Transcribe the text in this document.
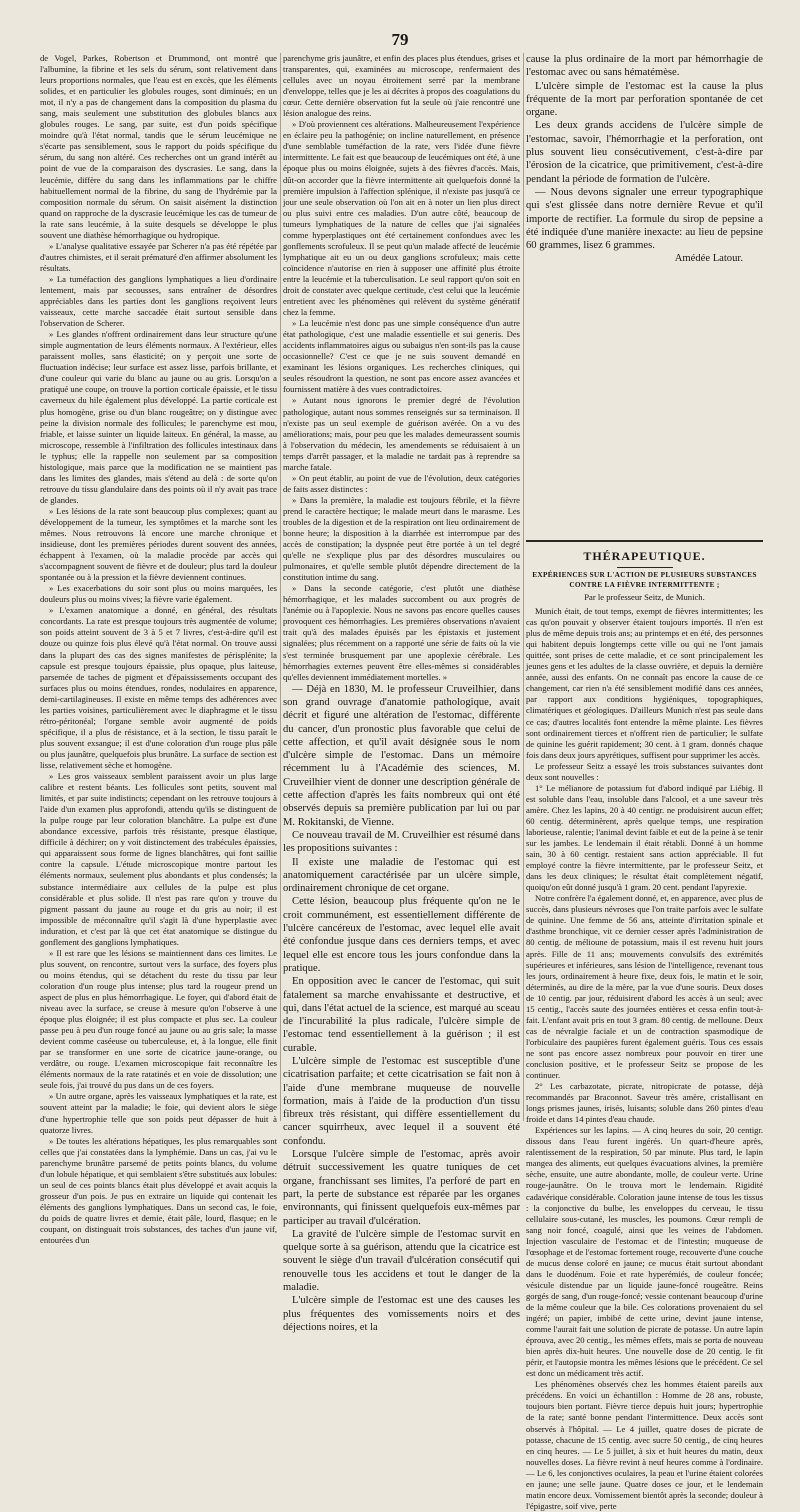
79

de Vogel, Parkes, Robertson et Drummond, ont montré que l'albumine, la fibrine et les sels du sérum, sont relativement dans leurs proportions normales, que l'eau est en excès, que les éléments solides, et en particulier les globules rouges, sont diminués; en un mot, il n'y a pas de changement dans la composition du plasma du sang, mais seulement une substitution des globules blancs aux globules rouges. Le sang, par suite, est d'un poids spécifique moindre qu'à l'état normal, tandis que le sérum leucémique ne s'écarte pas sensiblement, sous le rapport du poids spécifique du sérum, du sang non altéré. Ces recherches ont un grand intérêt au point de vue de la comparaison des dyscrasies. Le sang, dans la leucémie, diffère du sang dans les inflammations par le chiffre habituellement normal de la fibrine, du sang de l'hydrémie par la composition normale du sérum. On saisit aisément la distinction quand on rapproche de la dyscrasie leucémique les cas de tumeur de la rate sans leucémie, à la suite desquels se développe le plus souvent une diathèse hémorrhagique ou hydropique.

» L'analyse qualitative essayée par Scherer n'a pas été répétée par d'autres chimistes, et il serait prématuré d'en affirmer absolument les résultats.

» La tuméfaction des ganglions lymphatiques a lieu d'ordinaire lentement, mais par secousses, sans entraîner de désordres appréciables dans les parties dont les ganglions reçoivent leurs vaisseaux, cette marche saccadée était surtout sensible dans l'observation de Scherer.

» Les glandes n'offrent ordinairement dans leur structure qu'une simple augmentation de leurs éléments normaux. A l'extérieur, elles paraissent molles, sans élasticité; on y perçoit une sorte de fluctuation indécise; leur surface est assez lisse, parfois brillante, et d'une couleur qui varie du blanc au jaune ou au gris. Lorsqu'on a pratiqué une coupe, on trouve la portion corticale épaissie, et le tissu caverneux du hile également plus développé. La partie corticale est plus homogène, grise ou d'un blanc rougeâtre; on y distingue avec peine la division normale des follicules; le parenchyme est mou, friable, et laisse suinter un liquide laiteux. En général, la masse, au microscope, ressemble à l'infiltration des follicules intestinaux dans le typhus; elle la rappelle non seulement par sa composition histologique, mais parce que la modification ne se maintient pas dans les limites des glandes, mais s'étend au delà : de sorte qu'on retrouve du tissu glandulaire dans des points où il n'y avait pas trace de glandes.

» Les lésions de la rate sont beaucoup plus complexes; quant au développement de la tumeur, les symptômes et la marche sont les mêmes. Nous retrouvons là encore une marche chronique et insidieuse, dont les premières périodes durent souvent des années, échappent à l'examen, où la maladie procède par accès qui s'accompagnent souvent de fièvre et de douleur; plus tard la douleur spontanée ou à la pression et la fièvre deviennent continues.

» Les exacerbations du soir sont plus ou moins marquées, les douleurs plus ou moins vives; la fièvre varie également.

» L'examen anatomique a donné, en général, des résultats concordants. La rate est presque toujours très augmentée de volume; son poids atteint souvent de 3 à 5 et 7 livres, c'est-à-dire qu'il est douze ou quinze fois plus élevé qu'à l'état normal. On trouve aussi dans la plupart des cas des signes manifestes de périsplénite; la capsule est presque toujours épaissie, plus opaque, plus laiteuse, parsemée de taches de pigment et d'épaississements occupant des surfaces plus ou moins étendues, rondes, nodulaires en apparence, demi-cartilagineuses. Il existe en même temps des adhérences avec les parties voisines, particulièrement avec le diaphragme et le tissu rétro-péritonéal; l'organe semble avoir augmenté de poids spécifique, il a plus de résistance, et à la section, le tissu paraît le plus souvent exsangue; il est d'une coloration d'un rouge plus pâle ou plus jaunâtre, quelquefois plus brunâtre. La surface de section est lisse, relativement sèche et homogène.

» Les gros vaisseaux semblent paraissent avoir un plus large calibre et restent béants. Les follicules sont petits, souvent mal limités, et par suite indistincts; cependant on les retrouve toujours à l'aide d'un examen plus approfondi, attendu qu'ils se distinguent de la pulpe rouge par leur coloration blanchâtre. La pulpe est d'une abondance excessive, parfois très résistante, presque élastique, difficile à déchirer; on y voit distinctement des trabécules épaissies, qui apparaissent sous forme de lignes blanchâtres, qui font saillie contre la capsule. L'étude microscopique montre partout les éléments normaux, seulement plus abondants et plus condensés; la substance intermédiaire aux cellules de la pulpe est plus considérable et plus solide. Il n'est pas rare qu'on y trouve du pigment passant du jaune au rouge et du gris au noir; il est impossible de méconnaître qu'il s'agit là d'une hyperplastie avec induration, et c'est par là que cet état anatomique se distingue du gonflement des ganglions lymphatiques.

» Il est rare que les lésions se maintiennent dans ces limites. Le plus souvent, on rencontre, surtout vers la surface, des foyers plus ou moins étendus, qui se détachent du reste du tissu par leur coloration d'un rouge plus intense; plus tard la rougeur prend un aspect de plus en plus hémorrhagique. Le foyer, qui d'abord était de niveau avec la surface, se creuse à mesure qu'on l'observe à une époque plus éloignée; il est plus compacte et plus sec. La couleur passe peu à peu d'un rouge foncé au jaune ou au gris sale; la masse devient comme caséeuse ou tuberculeuse, et, à la longue, elle finit par se transformer en une sorte de cicatrice jaune-orange, ou verdâtre, ou rouge. L'examen microscopique fait reconnaître les éléments normaux de la rate ratatinés et en voie de dissolution; une seule fois, j'ai trouvé du pus dans un de ces foyers.

» Un autre organe, après les vaisseaux lymphatiques et la rate, est souvent atteint par la maladie; le foie, qui devient alors le siège d'une hypertrophie telle que son poids peut dépasser de huit à quatorze livres.

» De toutes les altérations hépatiques, les plus remarquables sont celles que j'ai constatées dans la lymphémie. Dans un cas, j'ai vu le parenchyme brunâtre parsemé de petits points blancs, du volume d'un lobule hépatique, et qui semblaient s'être substitués aux lobules: un seul de ces points blancs était plus développé et avait acquis la grosseur d'un pois. Je pus en extraire un liquide qui contenait les éléments des ganglions lymphatiques. Dans un second cas, le foie, du poids de quatre livres et demie, était pâle, lourd, flasque; en le coupant, on distinguait trois substances, des taches d'un jaune vif, entourées d'un

parenchyme gris jaunâtre, et enfin des places plus étendues, grises et transparentes, qui, examinées au microscope, renfermaient des cellules avec un noyau étroitement serré par la membrane d'enveloppe, telles que je les ai décrites à propos des coagulations du cœur. Cette dernière observation fut la seule où j'aie rencontré une lésion analogue des reins.

» D'où proviennent ces altérations. Malheureusement l'expérience en éclaire peu la pathogénie; on incline naturellement, en présence d'une semblable tuméfaction de la rate, vers l'idée d'une fièvre intermittente. Le fait est que beaucoup de leucémiques ont été, à une époque plus ou moins éloignée, sujets à des fièvres d'accès. Mais, dût-on accorder que la fièvre intermittente ait quelquefois donné la première impulsion à l'affection splénique, il n'existe pas jusqu'à ce jour une seule observation où l'on ait en à noter un lien plus direct ou plus suivi entre ces maladies. D'un autre côté, beaucoup de tumeurs lymphatiques de la nature de celles que j'ai signalées comme hyperplastiques ont été certainement confondues avec les gonflements scrofuleux. Il se peut qu'un malade affecté de leucémie lymphatique ait eu un ou deux ganglions scrofuleux; mais cette coïncidence n'autorise en rien à supposer une affinité plus étroite entre la leucémie et la tuberculisation. Le seul rapport qu'on soit en droit de constater avec quelque certitude, c'est celui que la leucémie entretient avec les phénomènes qui relèvent du système génératif chez la femme.

» La leucémie n'est donc pas une simple conséquence d'un autre état pathologique, c'est une maladie essentielle et sui generis. Des accidents inflammatoires aigus ou subaigus n'en sont-ils pas la cause occasionnelle? C'est ce que je ne suis souvent demandé en examinant les lésions organiques. Les recherches cliniques, qui seules résoudront la question, ne sont pas encore assez avancées et fournissent matière à des vues contradictoires.

» Autant nous ignorons le premier degré de l'évolution pathologique, autant nous sommes renseignés sur sa terminaison. Il n'existe pas un seul exemple de guérison avérée. On a vu des améliorations; mais, pour peu que les malades demeurassent soumis à l'observation du médecin, les amendements se réduisaient à un temps d'arrêt passager, et la maladie ne tardait pas à reprendre sa marche fatale.

» On peut établir, au point de vue de l'évolution, deux catégories de faits assez distinctes :

» Dans la première, la maladie est toujours fébrile, et la fièvre prend le caractère hectique; le malade meurt dans le marasme. Les troubles de la digestion et de la respiration ont lieu ordinairement de bonne heure; la disposition à la diarrhée est interrompue par des accès de constipation; la dyspnée peut être portée à un tel degré qu'elle ne s'explique plus par des désordres musculaires ou pulmonaires, et qu'elle semble plutôt dépendre directement de la constitution intime du sang.

» Dans la seconde catégorie, c'est plutôt une diathèse hémorrhagique, et les malades succombent ou aux progrès de l'anémie ou à l'apoplexie. Nous ne savons pas encore quelles causes provoquent ces hémorrhagies. Les premières observations n'avaient trait qu'à des malades épuisés par les épistaxis et justement signalées; plus récemment on a rapporté une série de faits où la vie s'est terminée brusquement par une apoplexie cérébrale. Les hémorrhagies externes peuvent être elles-mêmes si considérables qu'elles deviennent immédiatement mortelles. »

— Déjà en 1830, M. le professeur Cruveilhier, dans son grand ouvrage d'anatomie pathologique, avait décrit et figuré une altération de l'estomac, différente du cancer, d'un pronostic plus favorable que celui de cette affection, et qu'il avait désignée sous le nom d'ulcère simple de l'estomac. Dans un mémoire récemment lu à l'Académie des sciences, M. Cruveilhier vient de donner une description générale de cette affection d'après les faits nombreux qui ont été observés depuis sa première publication par lui ou par M. Rokitanski, de Vienne.

Ce nouveau travail de M. Cruveilhier est résumé dans les propositions suivantes :

Il existe une maladie de l'estomac qui est anatomiquement caractérisée par un ulcère simple, ordinairement chronique de cet organe.

Cette lésion, beaucoup plus fréquente qu'on ne le croit communément, est essentiellement différente de l'ulcère cancéreux de l'estomac, avec lequel elle avait été confondue jusque dans ces derniers temps, et avec lequel elle est encore tous les jours confondue dans la pratique.

En opposition avec le cancer de l'estomac, qui suit fatalement sa marche envahissante et destructive, et qui, dans l'état actuel de la science, est marqué au sceau de l'incurabilité la plus radicale, l'ulcère simple de l'estomac tend essentiellement à la guérison ; il est curable.

L'ulcère simple de l'estomac est susceptible d'une cicatrisation parfaite; et cette cicatrisation se fait non à l'aide d'une membrane muqueuse de nouvelle formation, mais à l'aide de la production d'un tissu fibreux très résistant, qui diffère essentiellement du cancer squirrheux, avec lequel il a souvent été confondu.

Lorsque l'ulcère simple de l'estomac, après avoir détruit successivement les quatre tuniques de cet organe, franchissant ses limites, l'a perforé de part en part, la perte de substance est réparée par les organes environnants, qui finissent quelquefois eux-mêmes par participer au travail d'ulcération.

La gravité de l'ulcère simple de l'estomac survit en quelque sorte à sa guérison, attendu que la cicatrice est souvent le siège d'un travail d'ulcération consécutif qui renouvelle tous les accidens et tout le danger de la maladie.

L'ulcère simple de l'estomac est une des causes les plus fréquentes des vomissements noirs et des déjections noires, et la

cause la plus ordinaire de la mort par hémorrhagie de l'estomac avec ou sans hématémèse.

L'ulcère simple de l'estomac est la cause la plus fréquente de la mort par perforation spontanée de cet organe.

Les deux grands accidens de l'ulcère simple de l'estomac, savoir, l'hémorrhagie et la perforation, ont plus souvent lieu consécutivement, c'est-à-dire par l'érosion de la cicatrice, que primitivement, c'est-à-dire pendant la période de formation de l'ulcère.

— Nous devons signaler une erreur typographique qui s'est glissée dans notre dernière Revue et qu'il importe de rectifier. La formule du sirop de pepsine a été indiquée d'une manière inexacte: au lieu de pepsine 60 grammes, lisez 6 grammes.

Amédée Latour.

THÉRAPEUTIQUE.

EXPÉRIENCES SUR L'ACTION DE PLUSIEURS SUBSTANCES CONTRE LA FIÈVRE INTERMITTENTE ;

Par le professeur Seitz, de Munich.

Munich était, de tout temps, exempt de fièvres intermittentes; les cas qu'on pouvait y observer étaient toujours importés. Il n'en est plus de même depuis trois ans; au printemps et en été, des personnes qui habitent depuis longtemps cette ville ou qui ne l'ont jamais quittée, sont prises de cette maladie, et ce sont principalement les jeunes gens et les adultes de la classe ouvrière, et depuis la dernière année, aussi des enfants. On ne connaît pas encore la cause de ce changement, car rien n'a été sensiblement modifié dans ces années, par rapport aux conditions hygiéniques, topographiques, climatériques et géologiques. D'ailleurs Munich n'est pas seule dans ce cas; d'autres localités font entendre la même plainte. Les fièvres sont ordinairement tierces et n'offrent rien de particulier; le sulfate de quinine les guérit rapidement; 30 cent. à 1 gram. donnés chaque fois dans deux jours apyrétiques, suffisent pour supprimer les accès.

Le professeur Seitz a essayé les trois substances suivantes dont deux sont nouvelles :

1° Le mélianore de potassium fut d'abord indiqué par Liébig. Il est soluble dans l'eau, insoluble dans l'alcool, et a une saveur très amère. Chez les lapins, 20 à 40 centigr. ne produisirent aucun effet; 60 centig. déterminèrent, après quelque temps, une respiration laborieuse, ralentie; l'animal devint faible et eut de la peine à se tenir sur les jambes. Le lendemain il était rétabli. Donné à un homme sain, 30 à 60 centigr. restaient sans action appréciable. Il fut employé contre la fièvre intermittente, par le professeur Seitz, et dans les deux cliniques; le résultat était complètement négatif, quoiqu'on eût donné jusqu'à 1 gram. 20 cent. pendant l'apyrexie.

Notre confrère l'a également donné, et, en apparence, avec plus de succès, dans plusieurs névroses que l'on traite parfois avec le sulfate de quinine. Une femme de 56 ans, atteinte d'irritation spinale et d'asthme bronchique, vit ce dernier cesser après l'administration de 80 centig. de mélioune de potassium, mais il est revenu huit jours après. Fille de 11 ans; mouvements convulsifs des extrémités supérieures et inférieures, sans lésion de l'intelligence, revenant tous les jours, ordinairement à heure fixe, deux fois, le matin et le soir, déterminés, au dire de la mère, par la vue d'une souris. Deux doses de 10 centig. par jour, réduisirent d'abord les accès à un seul; avec 15 centig., l'accès saute des journées entières et cessa enfin tout-à-fait. L'enfant avait pris en tout 3 gram. 80 centig. de melloune. Deux cas de névralgie faciale et un de contraction spasmodique de l'orbiculaire des paupières furent également guéris. Tous ces essais ne sont pas encore assez nombreux pour pouvoir en tirer une conclusion positive, et le professeur Seitz se propose de les continuer.

2° Les carbazotate, picrate, nitropicrate de potasse, déjà recommandés par Braconnot. Saveur très amère, cristallisant en longs prismes jaunes, irisés, luisants; soluble dans 260 pintes d'eau froide et dans 14 pintes d'eau chaude.

Expériences sur les lapins. — A cinq heures du soir, 20 centigr. dissous dans l'eau furent ingérés. Un quart-d'heure après, ralentissement de la respiration, 50 par minute. Plus tard, le lapin mangea des aliments, eut quelques évacuations alvines, la première sèche, ensuite, une autre abondante, molle, de couleur verte. Urine rouge-jaunâtre. On le trouva mort le lendemain. Rigidité cadavérique considérable. Coloration jaune intense de tous les tissus : la conjonctive du bulbe, les enveloppes du cerveau, le tissu cellulaire sous-cutané, les muscles, les poumons. Cœur rempli de sang noir foncé, coagulé, ainsi que les veines de l'abdomen. Injection vasculaire de l'estomac et de l'intestin; muqueuse de l'œsophage et de l'estomac fortement rouge, recouverte d'une couche de mucus dense coloré en jaune; ce mucus était surtout abondant dans le duodénum. Foie et rate hyperémiés, de couleur foncée; vésicule distendue par un liquide jaune-foncé rougeâtre. Reins gorgés de sang, d'un rouge-foncé; vessie contenant beaucoup d'urine de la même couleur que la bile. Ces colorations provenaient du sel ingéré; un papier, imbibé de cette urine, devint jaune intense, comme l'aurait fait une solution de picrate de potasse. Un autre lapin éprouva, avec 20 centig., les mêmes effets, mais se porta de nouveau bien après dix-huit heures. Une nouvelle dose de 20 centig. le fit périr, et l'autopsie montra les mêmes lésions que le précédent. Ce sel est donc un médicament très actif.

Les phénomènes observés chez les hommes étaient pareils aux précédens. En voici un échantillon : Homme de 28 ans, robuste, toujours bien portant. Fièvre tierce depuis huit jours; hypertrophie de la rate; santé bonne pendant l'intermittence. Deux accès sont observés à l'hôpital. — Le 4 juillet, quatre doses de picrate de potasse, chacune de 15 centig. avec sucre 50 centig., de cinq heures en cinq heures. — Le 5 juillet, à six et huit heures du matin, deux nouvelles doses. La fièvre revint à neuf heures comme à l'ordinaire. — Le 6, les conjonctives oculaires, la peau et l'urine étaient colorées en jaune; une selle jaune. Quatre doses ce jour, et le lendemain matin encore deux. Vomissement bientôt après la seconde; douleur à l'épigastre, soif vive, perte
